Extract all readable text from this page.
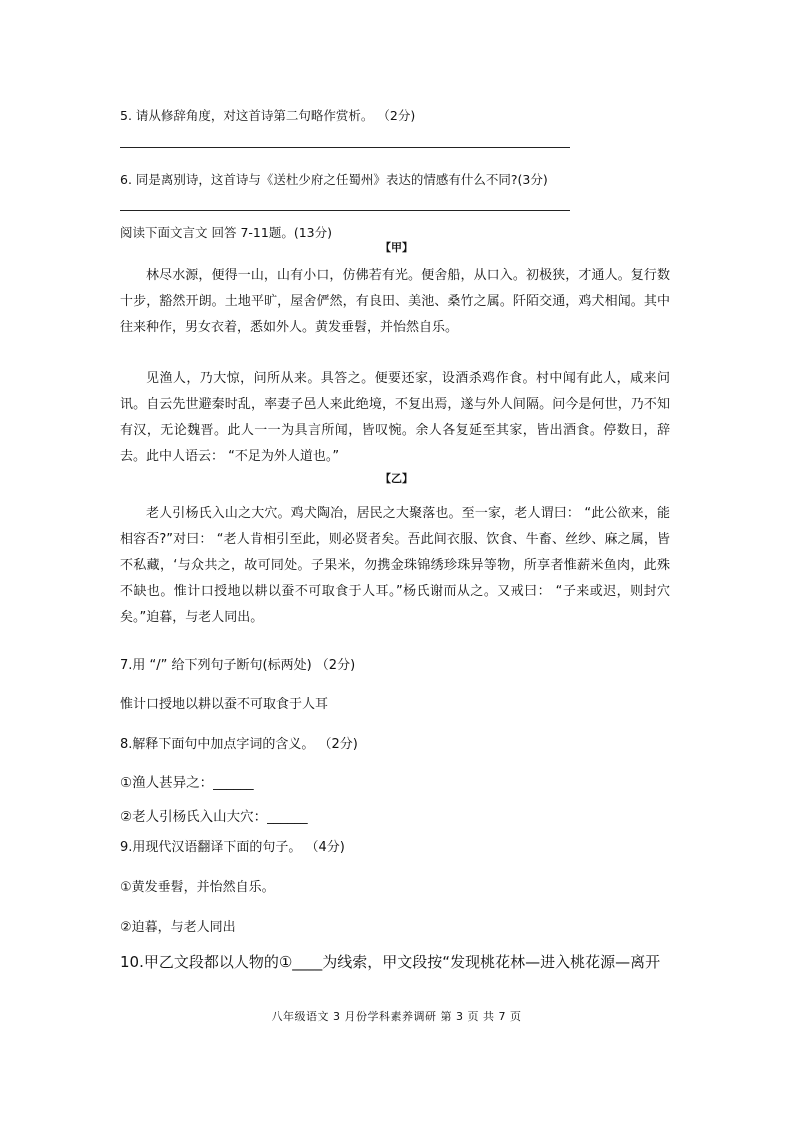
5. 请从修辞角度，对这首诗第二句略作赏析。 （2分)
6. 同是离别诗，这首诗与《送杜少府之任蜀州》表达的情感有什么不同?(3分)
阅读下面文言文 回答 7-11题。(13分)
【甲】
林尽水源，便得一山，山有小口，仿佛若有光。便舍船，从口入。初极狭，才通人。复行数十步，豁然开朗。土地平旷，屋舍俨然，有良田、美池、桑竹之属。阡陌交通，鸡犬相闻。其中往来种作，男女衣着，悉如外人。黄发垂髫，并怡然自乐。
见渔人，乃大惊，问所从来。具答之。便要还家，设酒杀鸡作食。村中闻有此人，咸来问讯。自云先世避秦时乱，率妻子邑人来此绝境，不复出焉，遂与外人间隔。问今是何世，乃不知有汉，无论魏晋。此人一一为具言所闻，皆叹惋。余人各复延至其家，皆出酒食。停数日，辞去。此中人语云： “不足为外人道也。”
【乙】
老人引杨氏入山之大穴。鸡犬陶冶，居民之大聚落也。至一家，老人谓曰： “此公欲来，能相容否?”对曰： “老人肯相引至此，则必贤者矣。吾此间衣服、饮食、牛畜、丝纱、麻之属，皆不私藏，‘与众共之，故可同处。子果米，勿携金珠锦绣珍珠异等物，所享者惟薪米鱼肉，此殊不缺也。惟计口授地以耕以蚕不可取食于人耳。”杨氏谢而从之。又戒曰： “子来或迟，则封穴矣。”迫暮，与老人同出。
7.用 “/” 给下列句子断句(标两处) （2分)
惟计口授地以耕以蚕不可取食于人耳
8.解释下面句中加点字词的含义。 （2分)
①渔人甚异之：______
②老人引杨氏入山大穴：______
9.用现代汉语翻译下面的句子。 （4分)
①黄发垂髫，并怡然自乐。
②迫暮，与老人同出
10.甲乙文段都以人物的①____为线索，甲文段按“发现桃花林—进入桃花源—离开
八年级语文 3 月份学科素养调研 第 3 页 共 7 页
